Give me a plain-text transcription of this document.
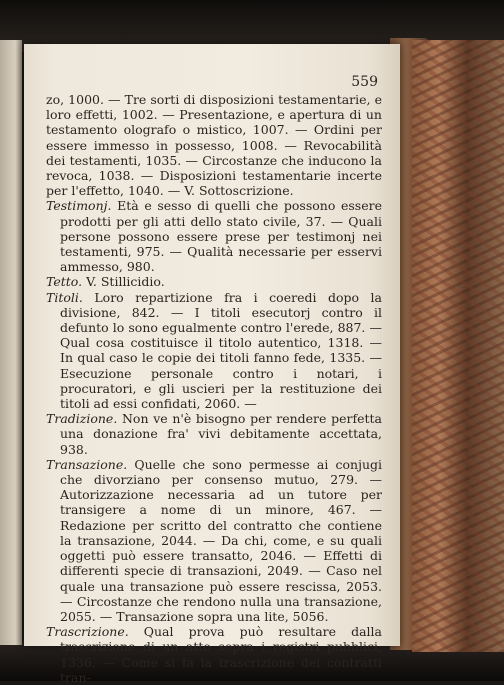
559

zo, 1000. — Tre sorti di disposizioni testamentarie, e loro effetti, 1002. — Presentazione, e apertura di un testamento olografo o mistico, 1007. — Ordini per essere immesso in possesso, 1008. — Revocabilità dei testamenti, 1035. — Circostanze che inducono la revoca, 1038. — Disposizioni testamentarie incerte per l'effetto, 1040. — V. Sottoscrizione.

Testimonj. Età e sesso di quelli che possono essere prodotti per gli atti dello stato civile, 37. — Quali persone possono essere prese per testimonj nei testamenti, 975. — Qualità necessarie per esservi ammesso, 980.

Tetto. V. Stillicidio.

Titoli. Loro repartizione fra i coeredi dopo la divisione, 842. — I titoli esecutorj contro il defunto lo sono egualmente contro l'erede, 887. — Qual cosa costituisce il titolo autentico, 1318. — In qual caso le copie dei titoli fanno fede, 1335. — Esecuzione personale contro i notari, i procuratori, e gli uscieri per la restituzione dei titoli ad essi confidati, 2060. —

Tradizione. Non ve n'è bisogno per rendere perfetta una donazione fra' vivi debitamente accettata, 938.

Transazione. Quelle che sono permesse ai conjugi che divorziano per consenso mutuo, 279. — Autorizzazione necessaria ad un tutore per transigere a nome di un minore, 467. — Redazione per scritto del contratto che contiene la transazione, 2044. — Da chi, come, e su quali oggetti può essere transatto, 2046. — Effetti di differenti specie di transazioni, 2049. — Caso nel quale una transazione può essere rescissa, 2053. — Circostanze che rendono nulla una transazione, 2055. — Transazione sopra una lite, 5056.

Trascrizione. Qual prova può resultare dalla trascrizione di un atto sopra i registri pubblici, 1336. — Come si fa la trascrizione dei contratti tran-
